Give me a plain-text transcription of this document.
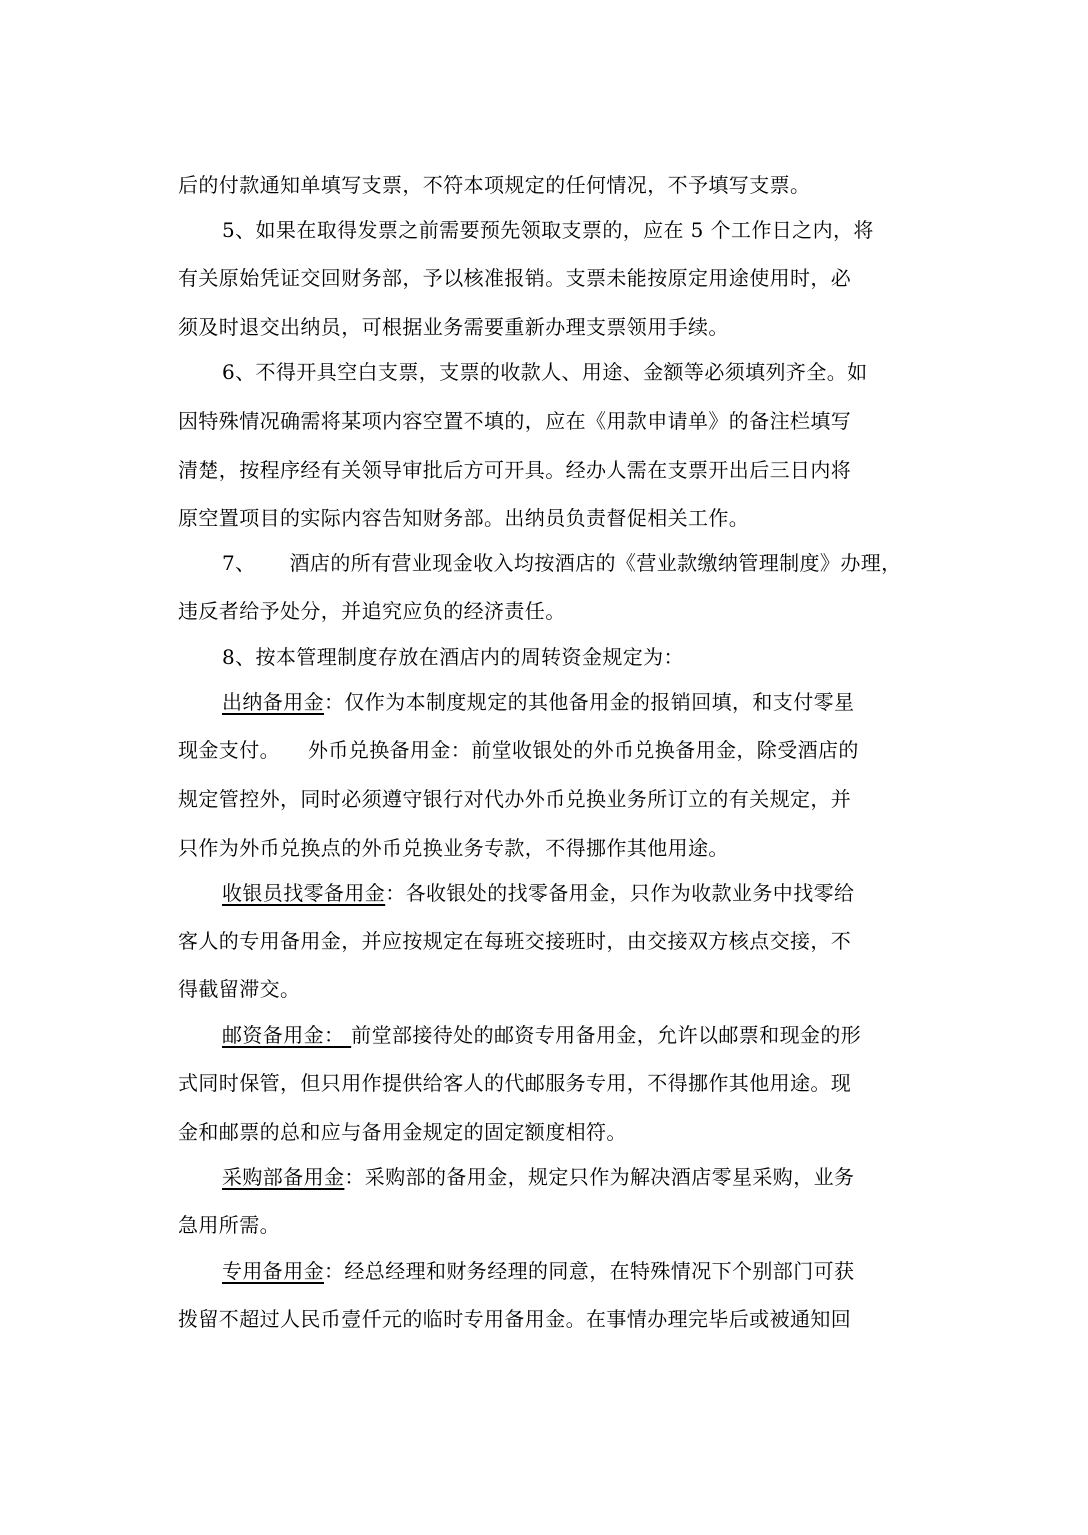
后的付款通知单填写支票，不符本项规定的任何情况，不予填写支票。
5、如果在取得发票之前需要预先领取支票的，应在 5 个工作日之内，将
有关原始凭证交回财务部，予以核准报销。支票未能按原定用途使用时，必
须及时退交出纳员，可根据业务需要重新办理支票领用手续。
6、不得开具空白支票，支票的收款人、用途、金额等必须填列齐全。如
因特殊情况确需将某项内容空置不填的，应在《用款申请单》的备注栏填写
清楚，按程序经有关领导审批后方可开具。经办人需在支票开出后三日内将
原空置项目的实际内容告知财务部。出纳员负责督促相关工作。
7、 酒店的所有营业现金收入均按酒店的《营业款缴纳管理制度》办理，
违反者给予处分，并追究应负的经济责任。
8、按本管理制度存放在酒店内的周转资金规定为：
出纳备用金：仅作为本制度规定的其他备用金的报销回填，和支付零星
现金支付。 外币兑换备用金：前堂收银处的外币兑换备用金，除受酒店的
规定管控外，同时必须遵守银行对代办外币兑换业务所订立的有关规定，并
只作为外币兑换点的外币兑换业务专款，不得挪作其他用途。
收银员找零备用金：各收银处的找零备用金，只作为收款业务中找零给
客人的专用备用金，并应按规定在每班交接班时，由交接双方核点交接，不
得截留滞交。
邮资备用金： 前堂部接待处的邮资专用备用金，允许以邮票和现金的形
式同时保管，但只用作提供给客人的代邮服务专用，不得挪作其他用途。现
金和邮票的总和应与备用金规定的固定额度相符。
采购部备用金：采购部的备用金，规定只作为解决酒店零星采购，业务
急用所需。
专用备用金：经总经理和财务经理的同意，在特殊情况下个别部门可获
拨留不超过人民币壹仟元的临时专用备用金。在事情办理完毕后或被通知回
